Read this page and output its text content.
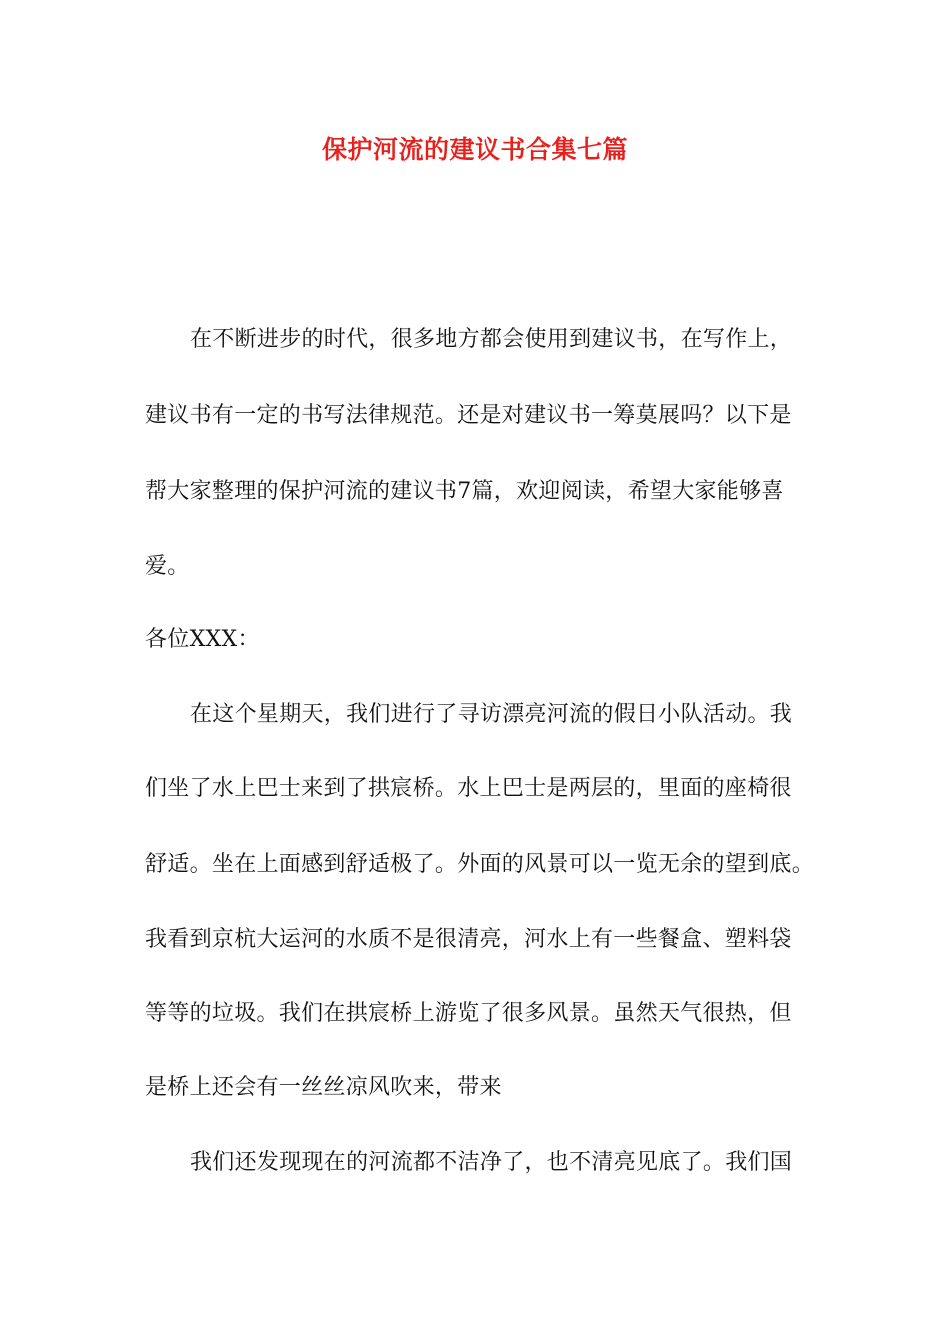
保护河流的建议书合集七篇
在不断进步的时代，很多地方都会使用到建议书，在写作上，
建议书有一定的书写法律规范。还是对建议书一筹莫展吗？以下是
帮大家整理的保护河流的建议书7篇，欢迎阅读，希望大家能够喜
爱。
各位XXX：
在这个星期天，我们进行了寻访漂亮河流的假日小队活动。我
们坐了水上巴士来到了拱宸桥。水上巴士是两层的，里面的座椅很
舒适。坐在上面感到舒适极了。外面的风景可以一览无余的望到底。
我看到京杭大运河的水质不是很清亮，河水上有一些餐盒、塑料袋
等等的垃圾。我们在拱宸桥上游览了很多风景。虽然天气很热，但
是桥上还会有一丝丝凉风吹来，带来
我们还发现现在的河流都不洁净了，也不清亮见底了。我们国
